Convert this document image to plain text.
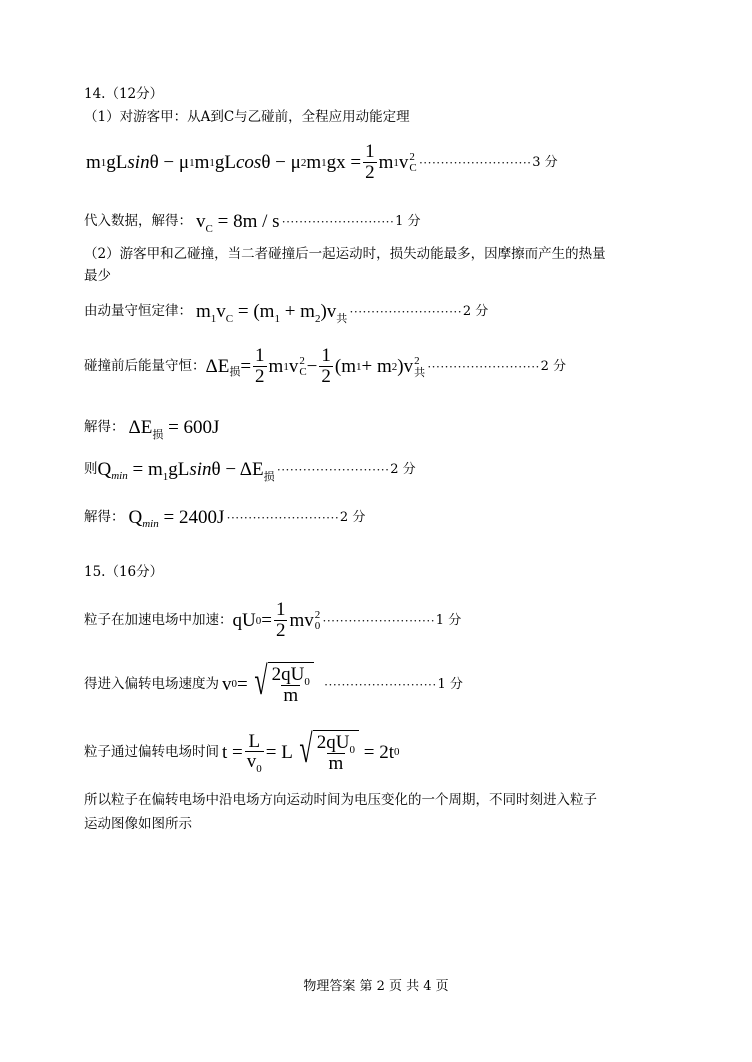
14.（12分）
（1）对游客甲：从A到C与乙碰前，全程应用动能定理
m 1 gL sin θ − μ 1 m 1 gL cos θ − μ 2 m 1 gx = $\frac{1}{2}$ m 1 v 2
C ·························· 3 分
代入数据，解得： $v_C = 8m / s$ ·························· 1 分
（2）游客甲和乙碰撞，当二者碰撞后一起运动时，损失动能最多，因摩擦而产生的热量
最少
由动量守恒定律： $m_1v_C = (m_1 + m_2)v_共$ ·························· 2 分
碰撞前后能量守恒： ΔE 损 = $\frac{1}{2}$ m 1 v 2
$C - \frac{1}{2} (m$ 1 + m 2 )v 2
共 ·························· 2 分
解得： $\Delta E_损 = 600J$
则 $Q_{min} = m_1gLsin\theta - \Delta E_损$ ·························· 2 分
解得： $Q_{min} = 2400J$ ·························· 2 分
15.（16分）
粒子在加速电场中加速： qU $0 = \frac{1}{2}$ mv 2
0 ·························· 1 分
得进入偏转电场速度为 v 0 = √ $\frac{2qU_0}{m}$ ·························· 1 分
粒子通过偏转电场时间 $t = \frac{L}{v_0} = L$ √ $\frac{2qU_0}{m} = 2t$ 0
所以粒子在偏转电场中沿电场方向运动时间为电压变化的一个周期，不同时刻进入粒子
运动图像如图所示
物理答案 第 2 页 共 4 页
